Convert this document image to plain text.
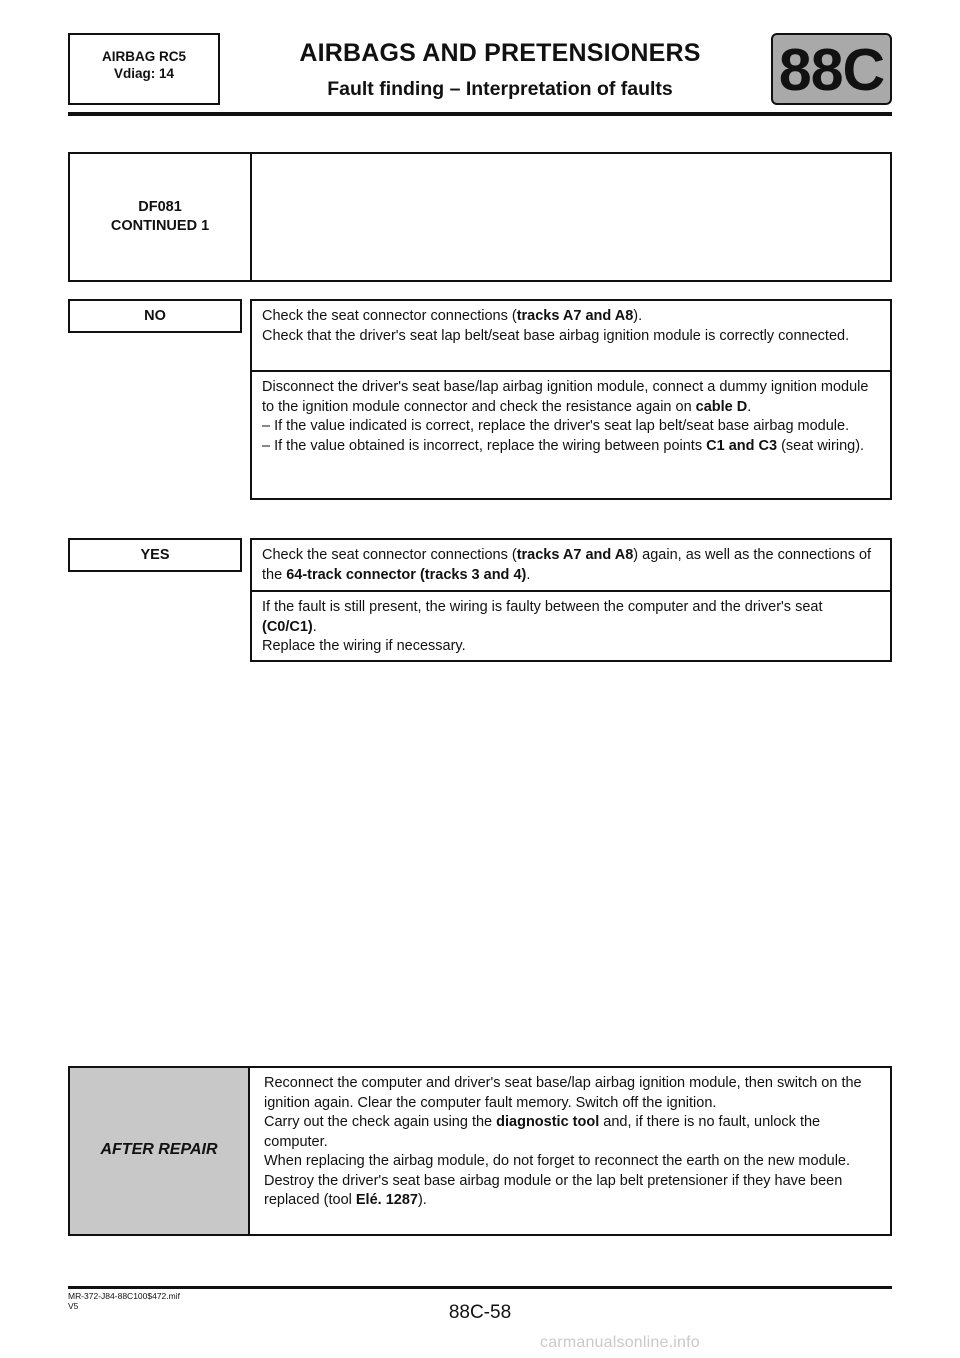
AIRBAG RC5
Vdiag: 14
AIRBAGS AND PRETENSIONERS
Fault finding – Interpretation of faults	88C
DF081
CONTINUED 1
NO	Check the seat connector connections (tracks A7 and A8).

Check that the driver's seat lap belt/seat base airbag ignition module is correctly connected.

Disconnect the driver's seat base/lap airbag ignition module, connect a dummy ignition module to the ignition module connector and check the resistance again on cable D.

– If the value indicated is correct, replace the driver's seat lap belt/seat base airbag module.

– If the value obtained is incorrect, replace the wiring between points C1 and C3 (seat wiring).

YES	Check the seat connector connections (tracks A7 and A8) again, as well as the connections of the 64-track connector (tracks 3 and 4).

If the fault is still present, the wiring is faulty between the computer and the driver's seat (C0/C1).

Replace the wiring if necessary.

AFTER REPAIR

Reconnect the computer and driver's seat base/lap airbag ignition module, then switch on the ignition again. Clear the computer fault memory. Switch off the ignition.

Carry out the check again using the diagnostic tool and, if there is no fault, unlock the computer.

When replacing the airbag module, do not forget to reconnect the earth on the new module.

Destroy the driver's seat base airbag module or the lap belt pretensioner if they have been replaced (tool Elé. 1287).

MR-372-J84-88C100$472.mif
V5	88C-58
carmanualsonline.info
